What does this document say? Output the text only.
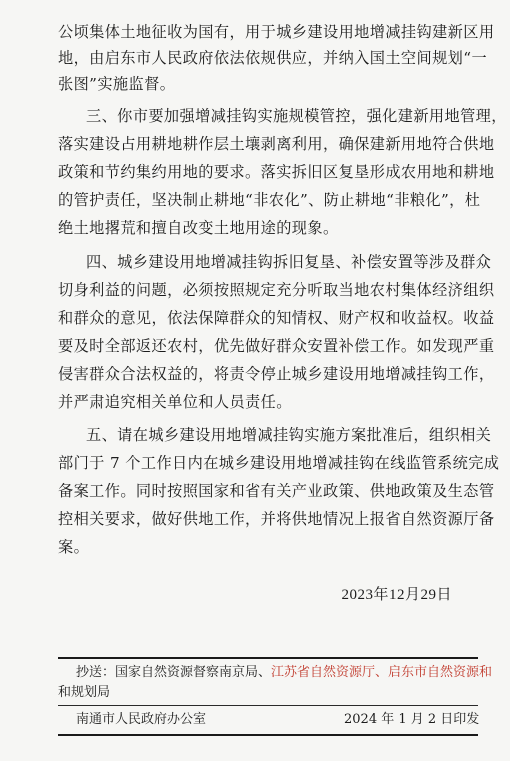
公顷集体土地征收为国有，用于城乡建设用地增减挂钩建新区用
地，由启东市人民政府依法依规供应，并纳入国土空间规划“一
张图”实施监督。
三、你市要加强增减挂钩实施规模管控，强化建新用地管理，
落实建设占用耕地耕作层土壤剥离利用，确保建新用地符合供地
政策和节约集约用地的要求。落实拆旧区复垦形成农用地和耕地
的管护责任，坚决制止耕地“非农化”、防止耕地“非粮化”，杜
绝土地撂荒和擅自改变土地用途的现象。
四、城乡建设用地增减挂钩拆旧复垦、补偿安置等涉及群众
切身利益的问题，必须按照规定充分听取当地农村集体经济组织
和群众的意见，依法保障群众的知情权、财产权和收益权。收益
要及时全部返还农村，优先做好群众安置补偿工作。如发现严重
侵害群众合法权益的，将责令停止城乡建设用地增减挂钩工作，
并严肃追究相关单位和人员责任。
五、请在城乡建设用地增减挂钩实施方案批准后，组织相关
部门于 7 个工作日内在城乡建设用地增减挂钩在线监管系统完成
备案工作。同时按照国家和省有关产业政策、供地政策及生态管
控相关要求，做好供地工作，并将供地情况上报省自然资源厅备
案。
2023年12月29日
抄送：国家自然资源督察南京局、江苏省自然资源厅、启东市自然资源和
和规划局
南通市人民政府办公室	2024 年 1 月 2 日印发
